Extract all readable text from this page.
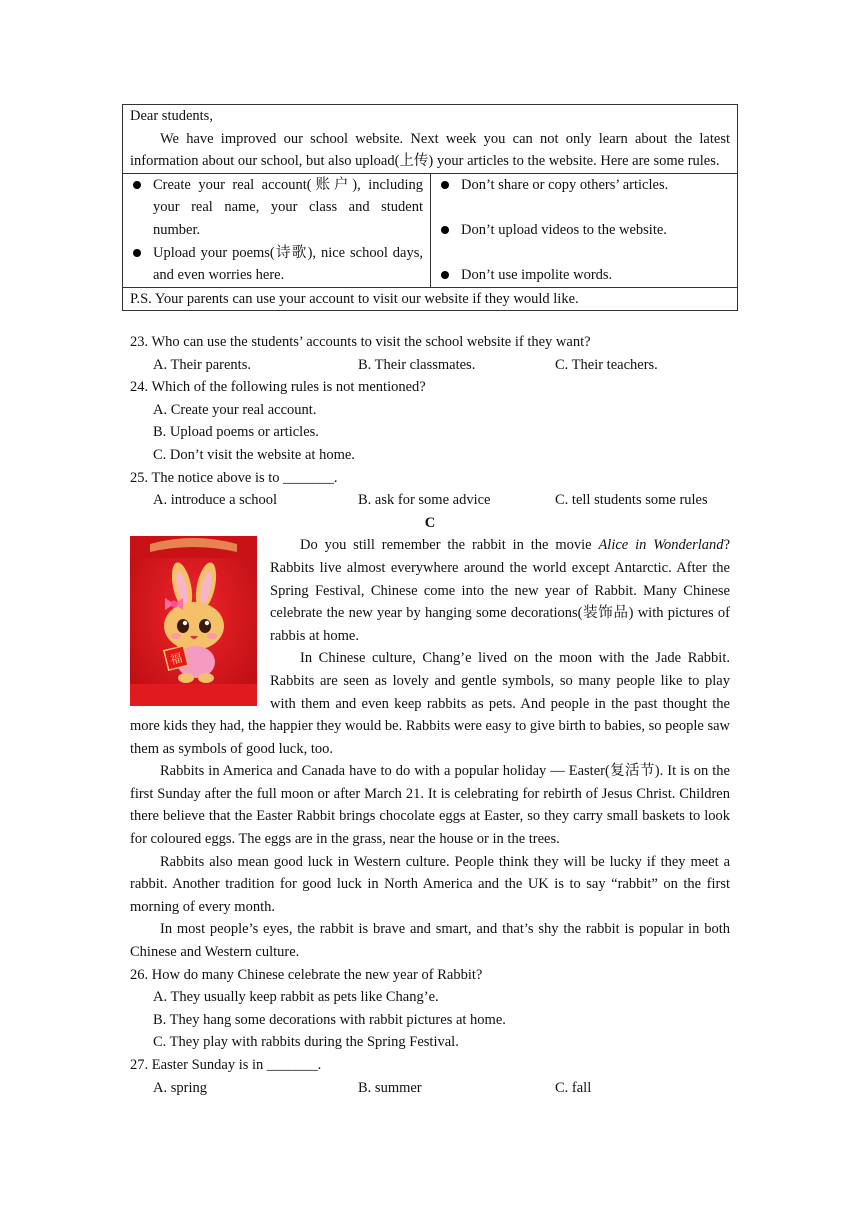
Dear students,

We have improved our school website. Next week you can not only learn about the latest information about our school, but also upload(上传) your articles to the website. Here are some rules.

Create your real account(账户), including your real name, your class and student number.
Upload your poems(诗歌), nice school days, and even worries here.

Don’t share or copy others’ articles.
Don’t upload videos to the website.
Don’t use impolite words.

P.S. Your parents can use your account to visit our website if they would like.

23. Who can use the students’ accounts to visit the school website if they want?

A. Their parents.	B. Their classmates.	C. Their teachers.

24. Which of the following rules is not mentioned?

A. Create your real account.

B. Upload poems or articles.

C. Don’t visit the website at home.

25. The notice above is to _______.

A. introduce a school	B. ask for some advice	C. tell students some rules

C

福

Do you still remember the rabbit in the movie Alice in Wonderland? Rabbits live almost everywhere around the world except Antarctic. After the Spring Festival, Chinese come into the new year of Rabbit. Many Chinese celebrate the new year by hanging some decorations(装饰品) with pictures of rabbis at home.

In Chinese culture, Chang’e lived on the moon with the Jade Rabbit. Rabbits are seen as lovely and gentle symbols, so many people like to play with them and even keep rabbits as pets. And people in the past thought the more kids they had, the happier they would be. Rabbits were easy to give birth to babies, so people saw them as symbols of good luck, too.

Rabbits in America and Canada have to do with a popular holiday — Easter(复活节). It is on the first Sunday after the full moon or after March 21. It is celebrating for rebirth of Jesus Christ. Children there believe that the Easter Rabbit brings chocolate eggs at Easter, so they carry small baskets to look for coloured eggs. The eggs are in the grass, near the house or in the trees.

Rabbits also mean good luck in Western culture. People think they will be lucky if they meet a rabbit. Another tradition for good luck in North America and the UK is to say “rabbit” on the first morning of every month.

In most people’s eyes, the rabbit is brave and smart, and that’s shy the rabbit is popular in both Chinese and Western culture.

26. How do many Chinese celebrate the new year of Rabbit?

A. They usually keep rabbit as pets like Chang’e.

B. They hang some decorations with rabbit pictures at home.

C. They play with rabbits during the Spring Festival.

27. Easter Sunday is in _______.

A. spring	B. summer	C. fall
